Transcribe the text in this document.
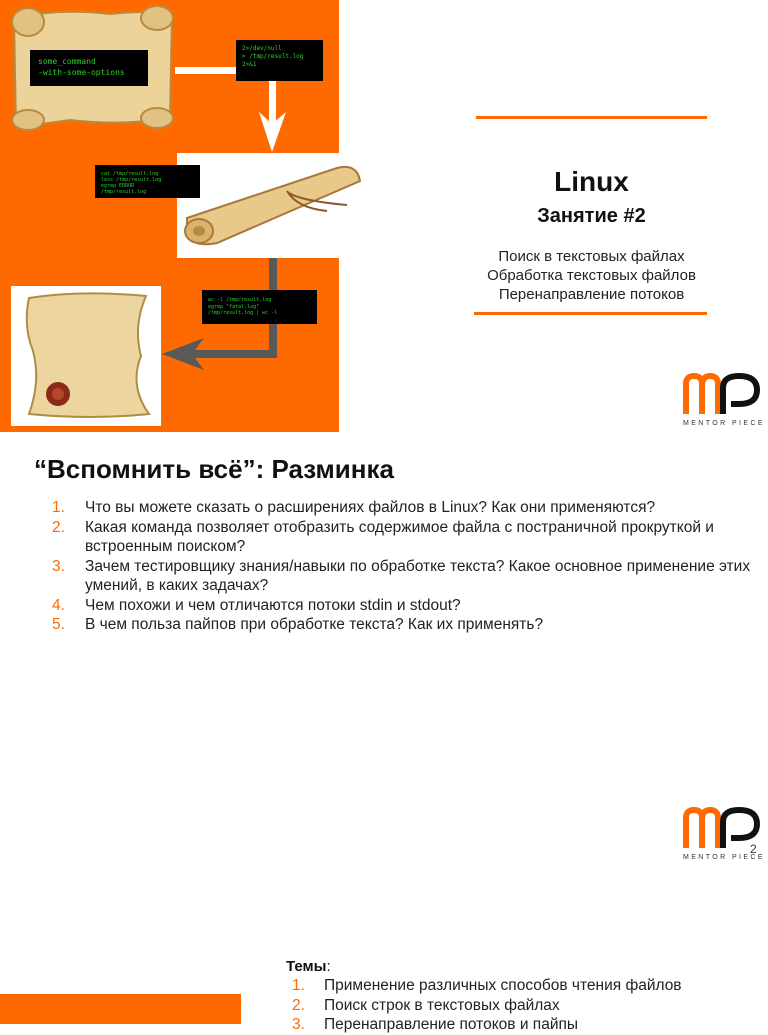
some_command
-with-some-options
2>/dev/null
> /tmp/result.log
2>&1
cat /tmp/result.log
less /tmp/result.log
egrep ERROR
/tmp/result.log
wc -l /tmp/result.log
egrep "fatal.log"
/tmp/result.log | wc -l
Linux
Занятие #2
Поиск в текстовых файлах
Обработка текстовых файлов
Перенаправление потоков
MENTOR PIECE
“Вспомнить всё”: Разминка
1. Что вы можете сказать о расширениях файлов в Linux? Как они применяются?
2. Какая команда позволяет отобразить содержимое файла с постраничной прокруткой и встроенным поиском?
3. Зачем тестировщику знания/навыки по обработке текста? Какое основное применение этих умений, в каких задачах?
4. Чем похожи и чем отличаются потоки stdin и stdout?
5. В чем польза пайпов при обработке текста? Как их применять?
MENTOR PIECE
2
Темы:
1. Применение различных способов чтения файлов
2. Поиск строк в текстовых файлах
3. Перенаправление потоков и пайпы
